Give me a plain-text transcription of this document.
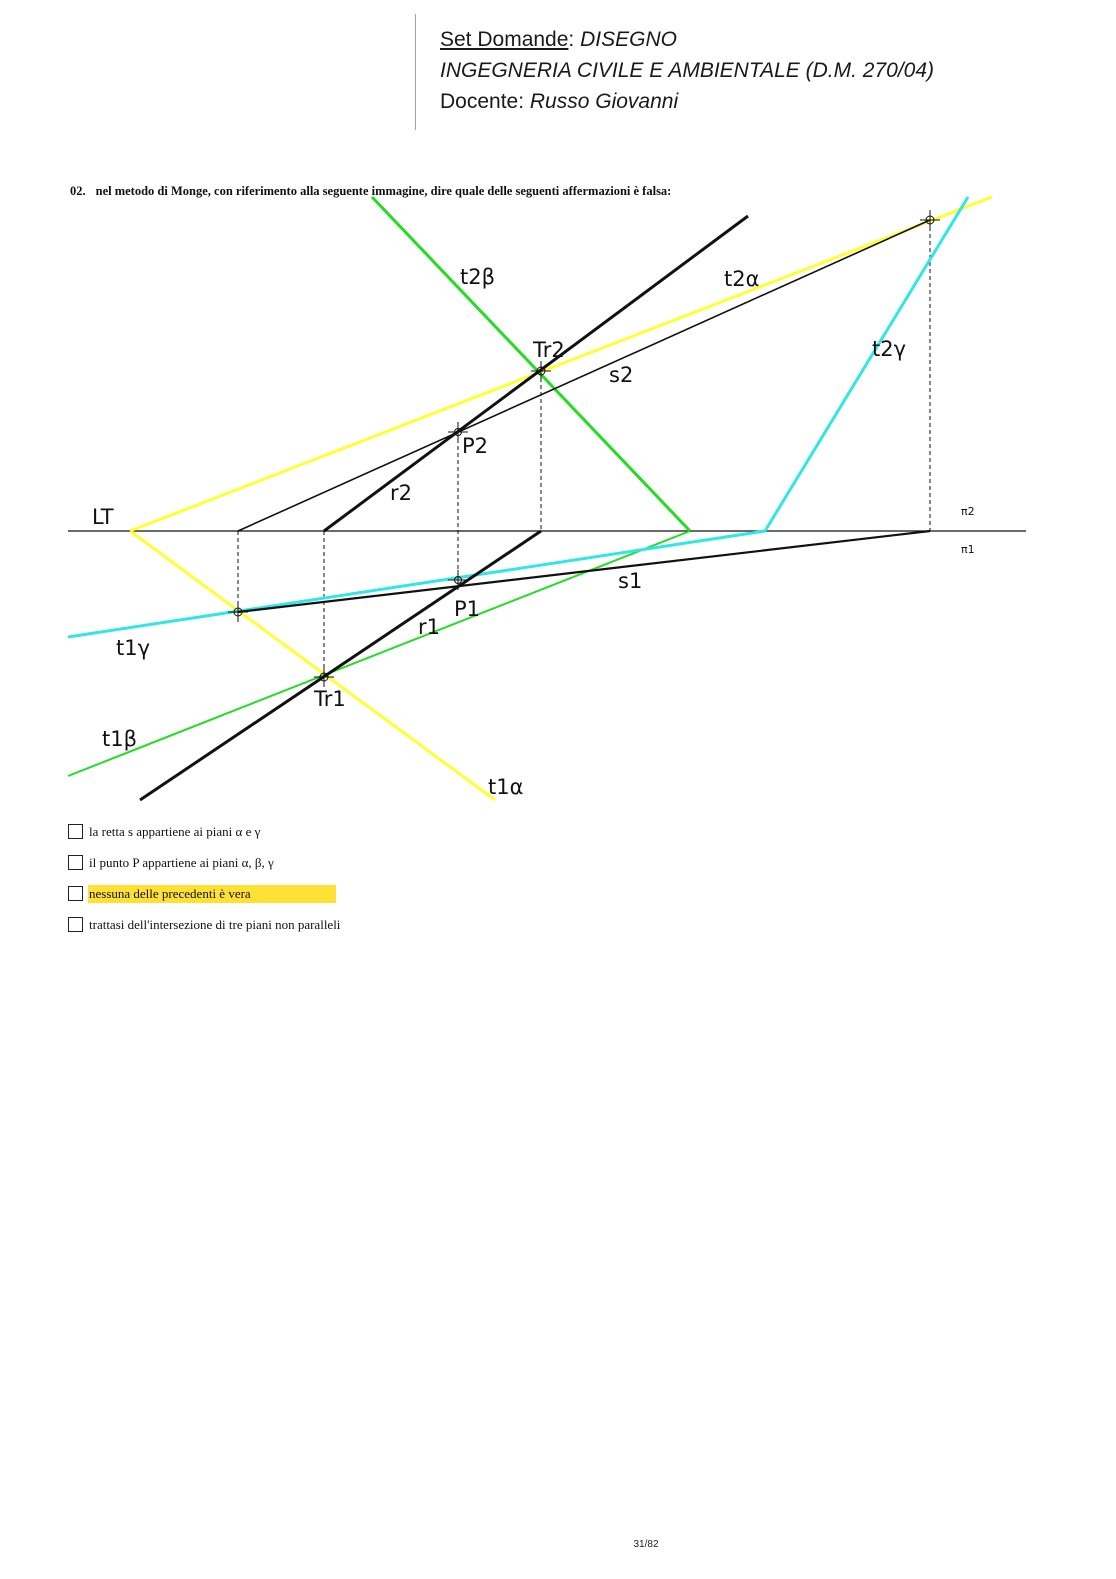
Set Domande: DISEGNO
INGEGNERIA CIVILE E AMBIENTALE (D.M. 270/04)
Docente: Russo Giovanni
02. nel metodo di Monge, con riferimento alla seguente immagine, dire quale delle seguenti affermazioni è falsa:
LT	π2
π1
t2β	t2α
t2γ
Tr2
s2
P2
r2
s1
P1
r1
t1γ
Tr1
t1β
t1α
la retta s appartiene ai piani α e γ
il punto P appartiene ai piani α, β, γ
nessuna delle precedenti è vera
trattasi dell'intersezione di tre piani non paralleli
31/82
